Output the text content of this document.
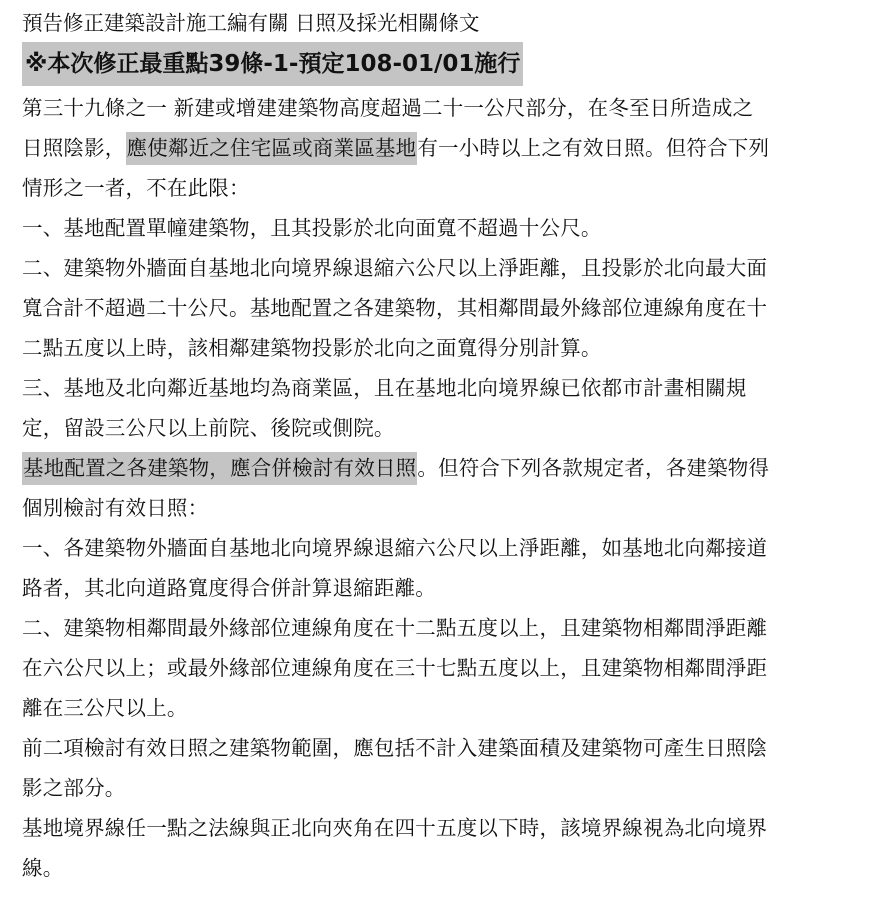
預告修正建築設計施工編有關 日照及採光相關條文
※本次修正最重點39條-1-預定108-01/01施行
第三十九條之一 新建或增建建築物高度超過二十一公尺部分，在冬至日所造成之
日照陰影，應使鄰近之住宅區或商業區基地有一小時以上之有效日照。但符合下列
情形之一者，不在此限：
一、基地配置單幢建築物，且其投影於北向面寬不超過十公尺。
二、建築物外牆面自基地北向境界線退縮六公尺以上淨距離，且投影於北向最大面
寬合計不超過二十公尺。基地配置之各建築物，其相鄰間最外緣部位連線角度在十
二點五度以上時，該相鄰建築物投影於北向之面寬得分別計算。
三、基地及北向鄰近基地均為商業區，且在基地北向境界線已依都市計畫相關規
定，留設三公尺以上前院、後院或側院。
基地配置之各建築物，應合併檢討有效日照。但符合下列各款規定者，各建築物得
個別檢討有效日照：
一、各建築物外牆面自基地北向境界線退縮六公尺以上淨距離，如基地北向鄰接道
路者，其北向道路寬度得合併計算退縮距離。
二、建築物相鄰間最外緣部位連線角度在十二點五度以上，且建築物相鄰間淨距離
在六公尺以上；或最外緣部位連線角度在三十七點五度以上，且建築物相鄰間淨距
離在三公尺以上。
前二項檢討有效日照之建築物範圍，應包括不計入建築面積及建築物可產生日照陰
影之部分。
基地境界線任一點之法線與正北向夾角在四十五度以下時，該境界線視為北向境界
線。
